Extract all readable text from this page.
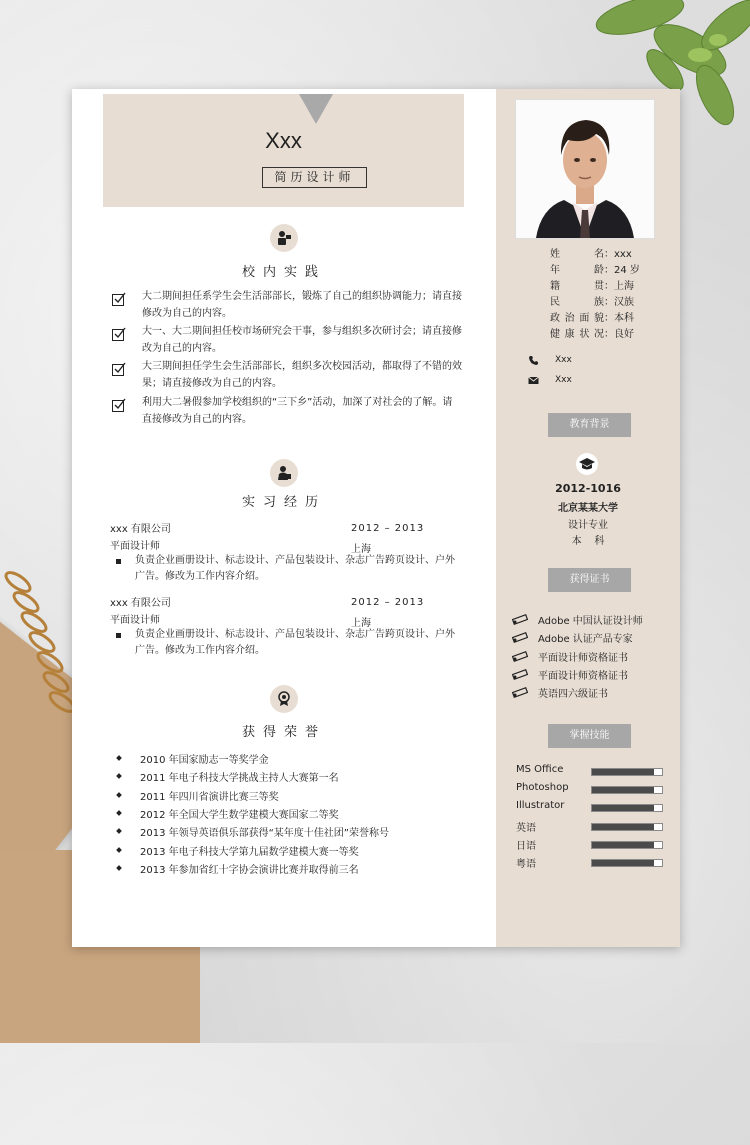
Xxx
简历设计师
校内实践
大二期间担任系学生会生活部部长，锻炼了自己的组织协调能力；请直接修改为自己的内容。
大一、大二期间担任校市场研究会干事，参与组织多次研讨会；请直接修改为自己的内容。
大三期间担任学生会生活部部长，组织多次校园活动，都取得了不错的效果；请直接修改为自己的内容。
利用大二暑假参加学校组织的“三下乡”活动，加深了对社会的了解。请直接修改为自己的内容。
实习经历
xxx 有限公司
平面设计师
2012 – 2013
上海
负责企业画册设计、标志设计、产品包装设计、杂志广告跨页设计、户外广告。修改为工作内容介绍。
xxx 有限公司
平面设计师
2012 – 2013
上海
负责企业画册设计、标志设计、产品包装设计、杂志广告跨页设计、户外广告。修改为工作内容介绍。
获得荣誉
2010 年国家励志一等奖学金
2011 年电子科技大学挑战主持人大赛第一名
2011 年四川省演讲比赛三等奖
2012 年全国大学生数学建模大赛国家二等奖
2013 年领导英语俱乐部获得“某年度十佳社团”荣誉称号
2013 年电子科技大学第九届数学建模大赛一等奖
2013 年参加省红十字协会演讲比赛并取得前三名
姓名：xxx
年龄：24 岁
籍贯：上海
民族：汉族
政治面貌：本科
健康状况：良好
Xxx
Xxx
教育背景
2012-1016
北京某某大学
设计专业
本    科
获得证书
Adobe 中国认证设计师
Adobe 认证产品专家
平面设计师资格证书
平面设计师资格证书
英语四六级证书
掌握技能
MS Office
Photoshop
Illustrator
英语
日语
粤语
